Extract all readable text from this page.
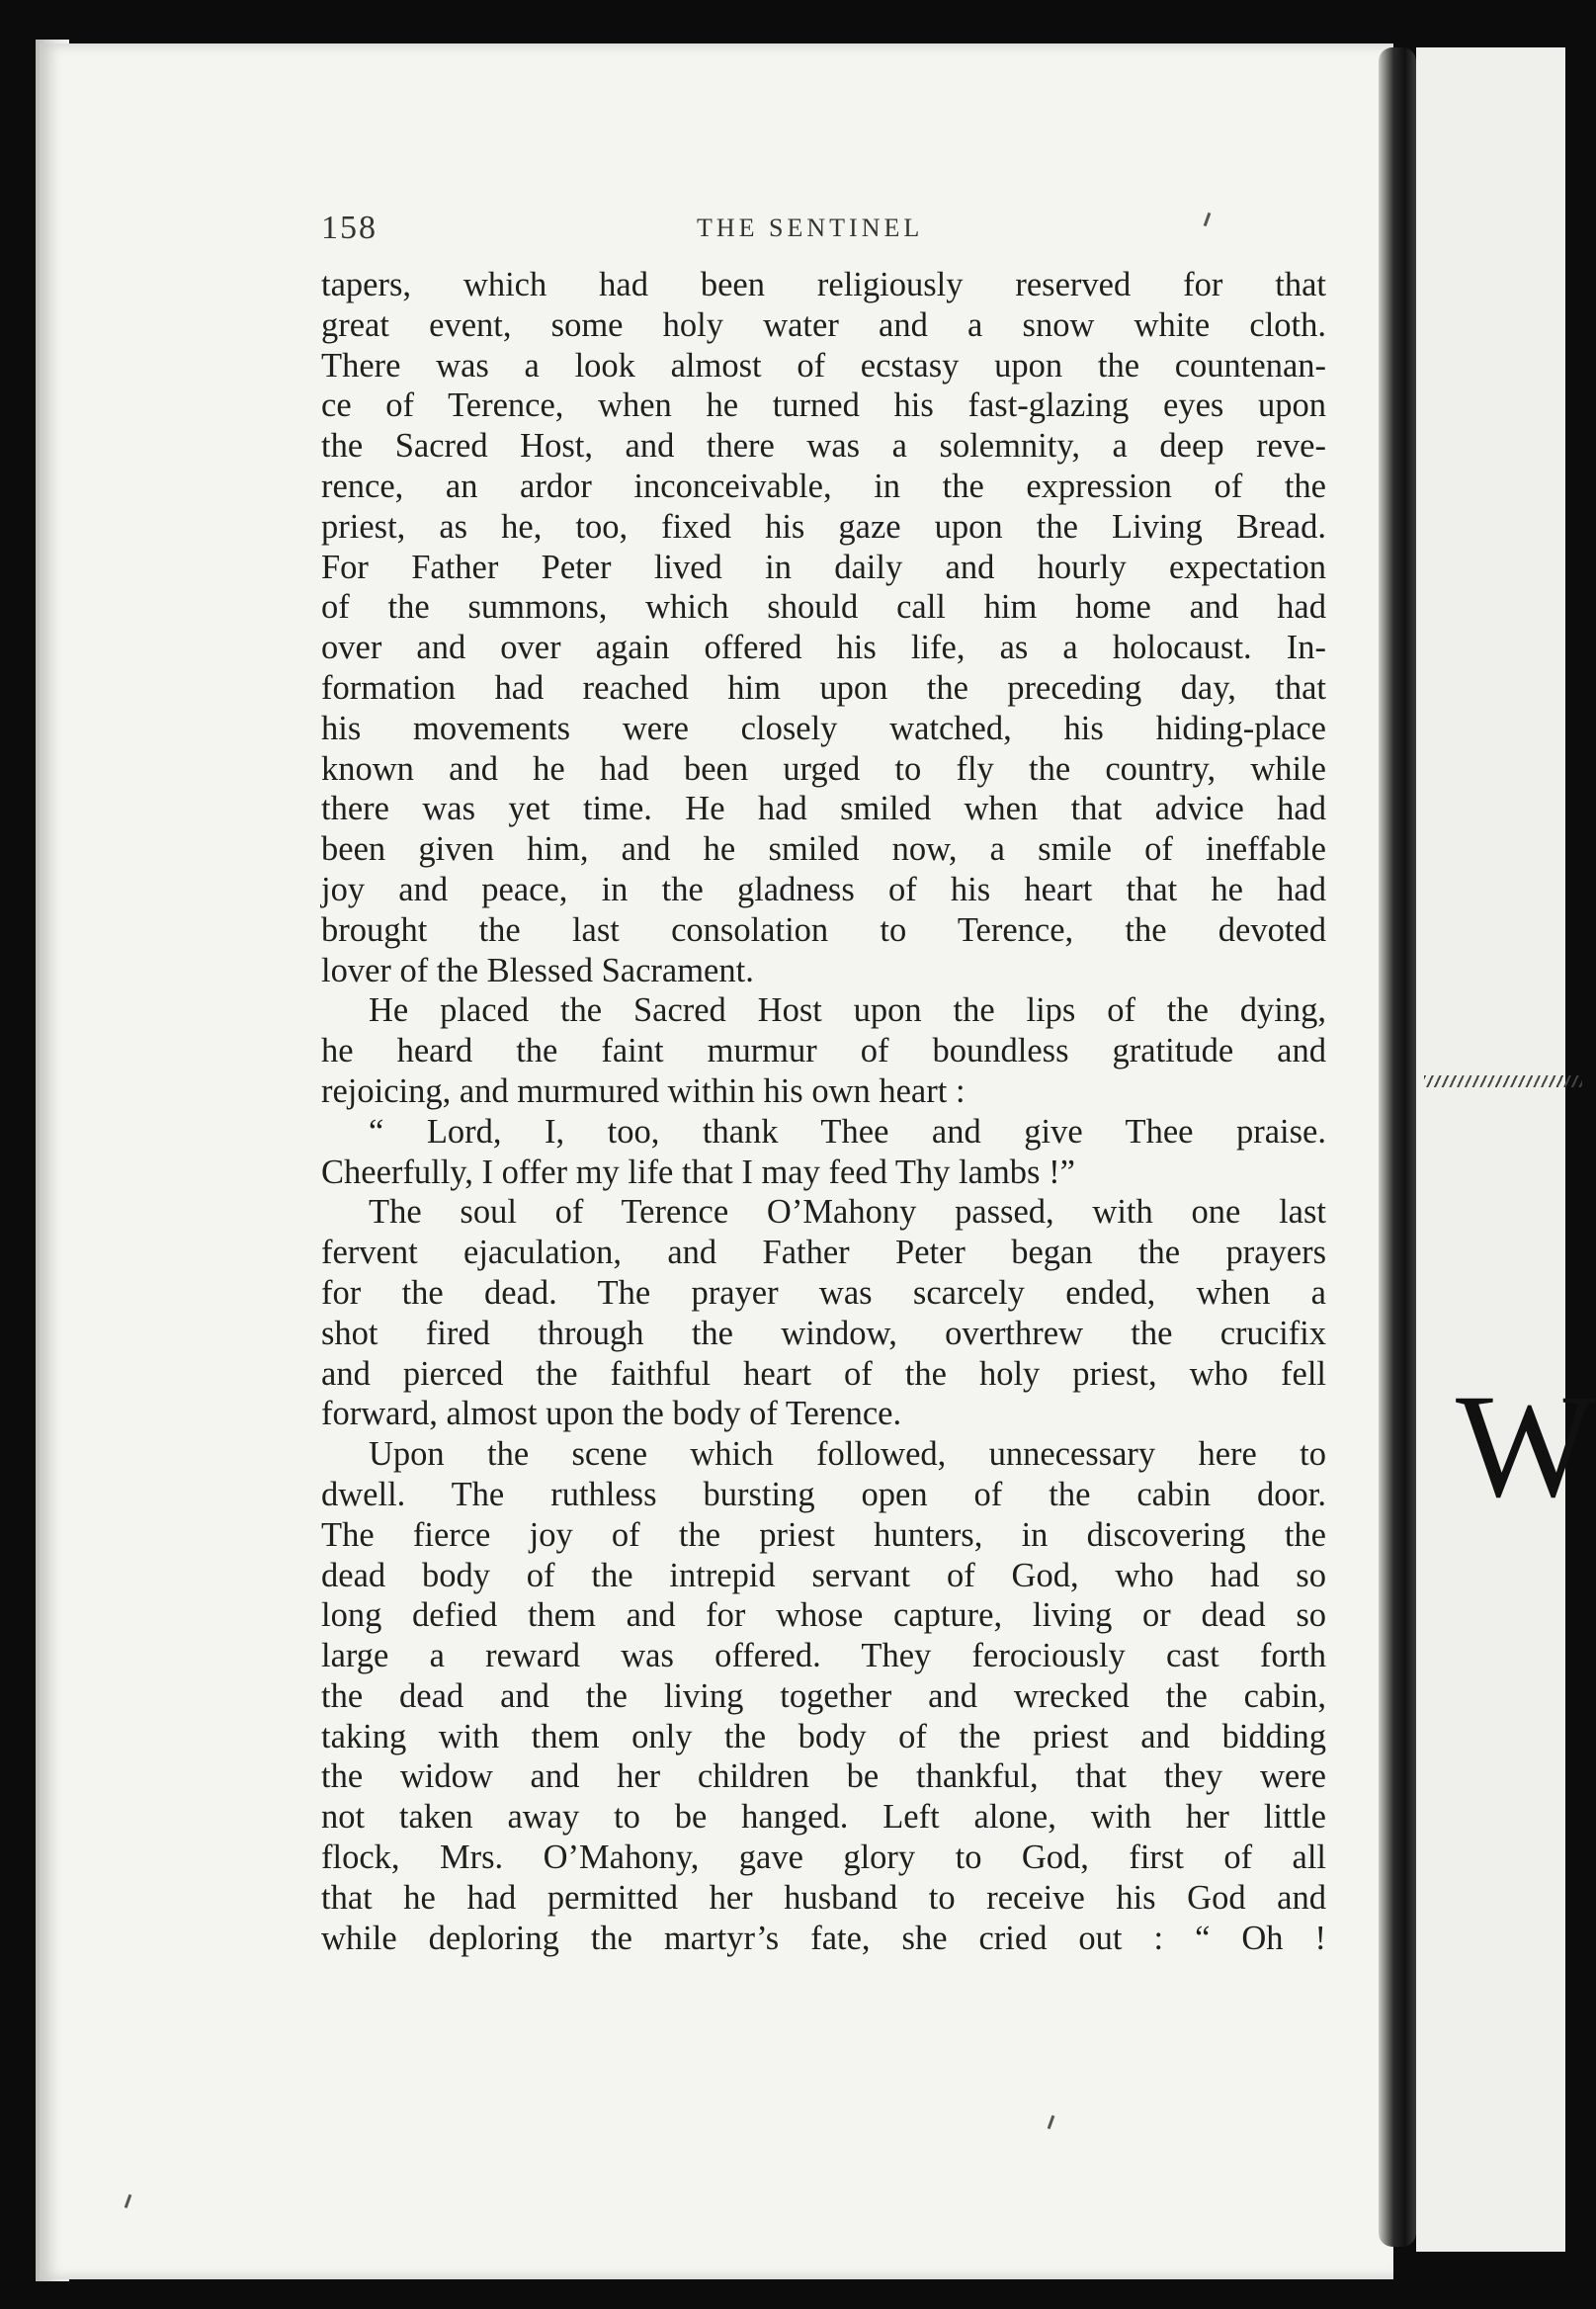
158	THE SENTINEL
tapers, which had been religiously reserved for that
great event, some holy water and a snow white cloth.
There was a look almost of ecstasy upon the countenan-
ce of Terence, when he turned his fast-glazing eyes upon
the Sacred Host, and there was a solemnity, a deep reve-
rence, an ardor inconceivable, in the expression of the
priest, as he, too, fixed his gaze upon the Living Bread.
For Father Peter lived in daily and hourly expectation
of the summons, which should call him home and had
over and over again offered his life, as a holocaust. In-
formation had reached him upon the preceding day, that
his movements were closely watched, his hiding-place
known and he had been urged to fly the country, while
there was yet time. He had smiled when that advice had
been given him, and he smiled now, a smile of ineffable
joy and peace, in the gladness of his heart that he had
brought the last consolation to Terence, the devoted
lover of the Blessed Sacrament.
He placed the Sacred Host upon the lips of the dying,
he heard the faint murmur of boundless gratitude and
rejoicing, and murmured within his own heart :
“ Lord, I, too, thank Thee and give Thee praise.
Cheerfully, I offer my life that I may feed Thy lambs !”
The soul of Terence O’Mahony passed, with one last
fervent ejaculation, and Father Peter began the prayers
for the dead. The prayer was scarcely ended, when a
shot fired through the window, overthrew the crucifix
and pierced the faithful heart of the holy priest, who fell
forward, almost upon the body of Terence.
Upon the scene which followed, unnecessary here to
dwell. The ruthless bursting open of the cabin door.
The fierce joy of the priest hunters, in discovering the
dead body of the intrepid servant of God, who had so
long defied them and for whose capture, living or dead so
large a reward was offered. They ferociously cast forth
the dead and the living together and wrecked the cabin,
taking with them only the body of the priest and bidding
the widow and her children be thankful, that they were
not taken away to be hanged. Left alone, with her little
flock, Mrs. O’Mahony, gave glory to God, first of all
that he had permitted her husband to receive his God and
while deploring the martyr’s fate, she cried out : “ Oh !
W
